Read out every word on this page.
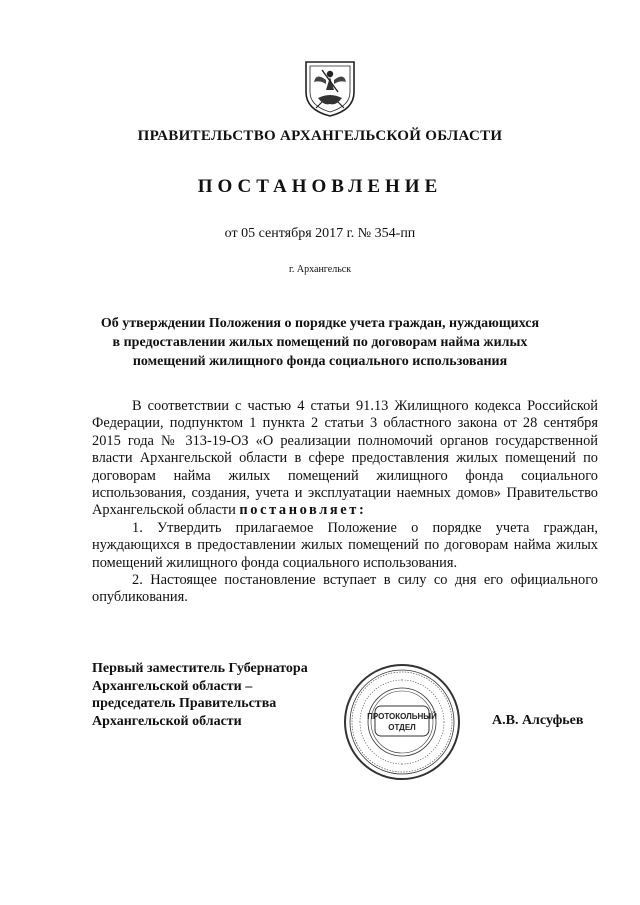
ПРАВИТЕЛЬСТВО АРХАНГЕЛЬСКОЙ ОБЛАСТИ
ПОСТАНОВЛЕНИЕ
от 05 сентября 2017 г. № 354-пп
г. Архангельск
Об утверждении Положения о порядке учета граждан, нуждающихся
в предоставлении жилых помещений по договорам найма жилых
помещений жилищного фонда социального использования

В соответствии с частью 4 статьи 91.13 Жилищного кодекса Российской Федерации, подпунктом 1 пункта 2 статьи 3 областного закона от 28 сентября 2015 года № 313-19-ОЗ «О реализации полномочий органов государственной власти Архангельской области в сфере предоставления жилых помещений по договорам найма жилых помещений жилищного фонда социального использования, создания, учета и эксплуатации наемных домов» Правительство Архангельской области постановляет:

1. Утвердить прилагаемое Положение о порядке учета граждан, нуждающихся в предоставлении жилых помещений по договорам найма жилых помещений жилищного фонда социального использования.

2. Настоящее постановление вступает в силу со дня его официального опубликования.

Первый заместитель Губернатора
Архангельской области –
председатель Правительства
Архангельской области	ПРОТОКОЛЬНЫЙ
ОТДЕЛ	А.В. Алсуфьев
